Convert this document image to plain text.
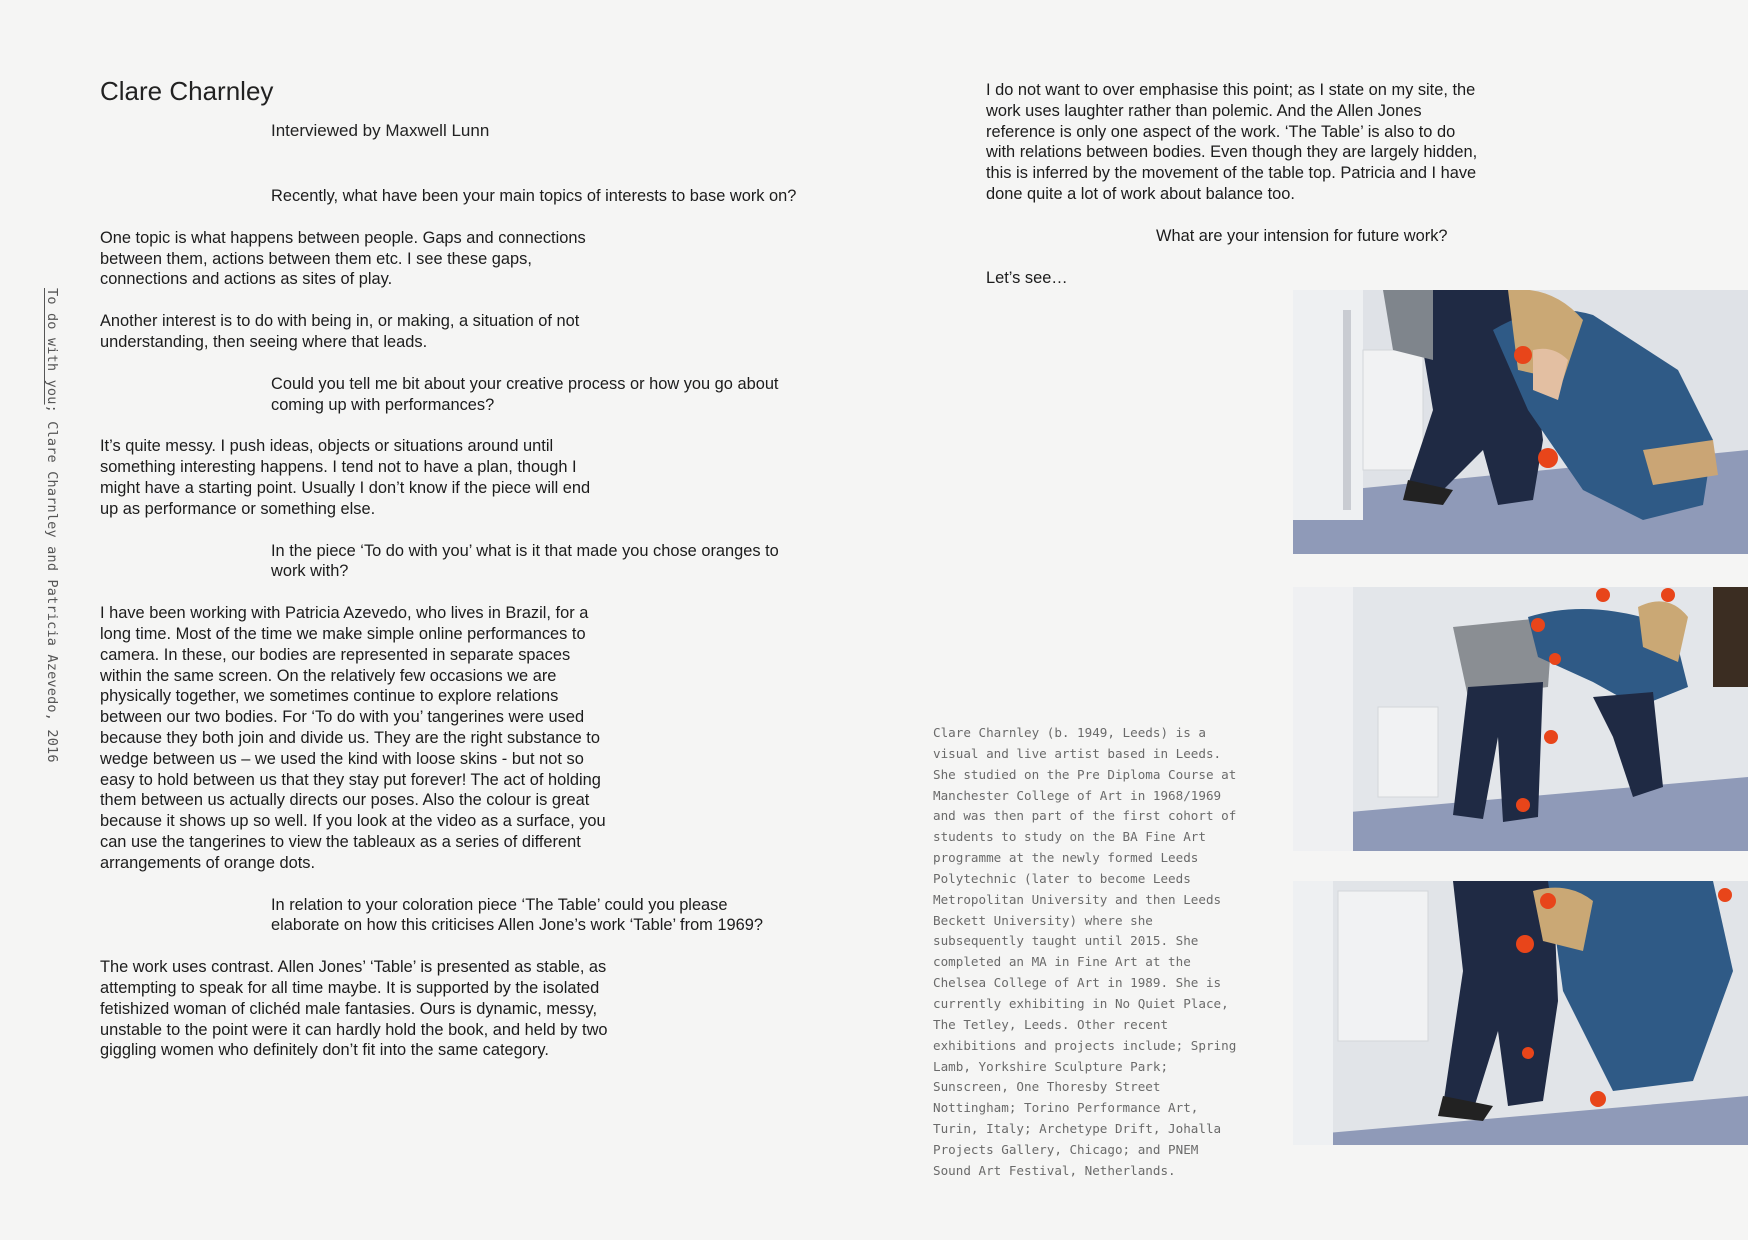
To do with you; Clare Charnley and Patricia Azevedo, 2016
Clare Charnley
Interviewed by Maxwell Lunn

Recently, what have been your main topics of interests to base work on?

One topic is what happens between people. Gaps and connections between them, actions between them etc. I see these gaps, connections and actions as sites of play.

Another interest is to do with being in, or making, a situation of not understanding, then seeing where that leads.

Could you tell me bit about your creative process or how you go about coming up with performances?

It’s quite messy. I push ideas, objects or situations around until something interesting happens. I tend not to have a plan, though I might have a starting point. Usually I don’t know if the piece will end up as performance or something else.

In the piece ‘To do with you’ what is it that made you chose oranges to work with?

I have been working with Patricia Azevedo, who lives in Brazil, for a long time. Most of the time we make simple online performances to camera. In these, our bodies are represented in separate spaces within the same screen. On the relatively few occasions we are physically together, we sometimes continue to explore relations between our two bodies. For ‘To do with you’ tangerines were used because they both join and divide us. They are the right substance to wedge between us – we used the kind with loose skins - but not so easy to hold between us that they stay put forever! The act of holding them between us actually directs our poses. Also the colour is great because it shows up so well. If you look at the video as a surface, you can use the tangerines to view the tableaux as a series of different arrangements of orange dots.

In relation to your coloration piece ‘The Table’ could you please elaborate on how this criticises Allen Jone’s work ‘Table’ from 1969?

The work uses contrast. Allen Jones’ ‘Table’ is presented as stable, as attempting to speak for all time maybe. It is supported by the isolated fetishized woman of clichéd male fantasies. Ours is dynamic, messy, unstable to the point were it can hardly hold the book, and held by two giggling women who definitely don’t fit into the same category.

I do not want to over emphasise this point; as I state on my site, the work uses laughter rather than polemic. And the Allen Jones reference is only one aspect of the work. ‘The Table’ is also to do with relations between bodies. Even though they are largely hidden, this is inferred by the movement of the table top. Patricia and I have done quite a lot of work about balance too.

What are your intension for future work?

Let’s see…

Clare Charnley (b. 1949, Leeds) is a visual and live artist based in Leeds. She studied on the Pre Diploma Course at Manchester College of Art in 1968/1969 and was then part of the first cohort of students to study on the BA Fine Art programme at the newly formed Leeds Polytechnic (later to become Leeds Metropolitan University and then Leeds Beckett University) where she subsequently taught until 2015. She completed an MA in Fine Art at the Chelsea College of Art in 1989. She is currently exhibiting in No Quiet Place, The Tetley, Leeds. Other recent exhibitions and projects include; Spring Lamb, Yorkshire Sculpture Park; Sunscreen, One Thoresby Street Nottingham; Torino Performance Art, Turin, Italy; Archetype Drift, Johalla Projects Gallery, Chicago; and PNEM Sound Art Festival, Netherlands.
